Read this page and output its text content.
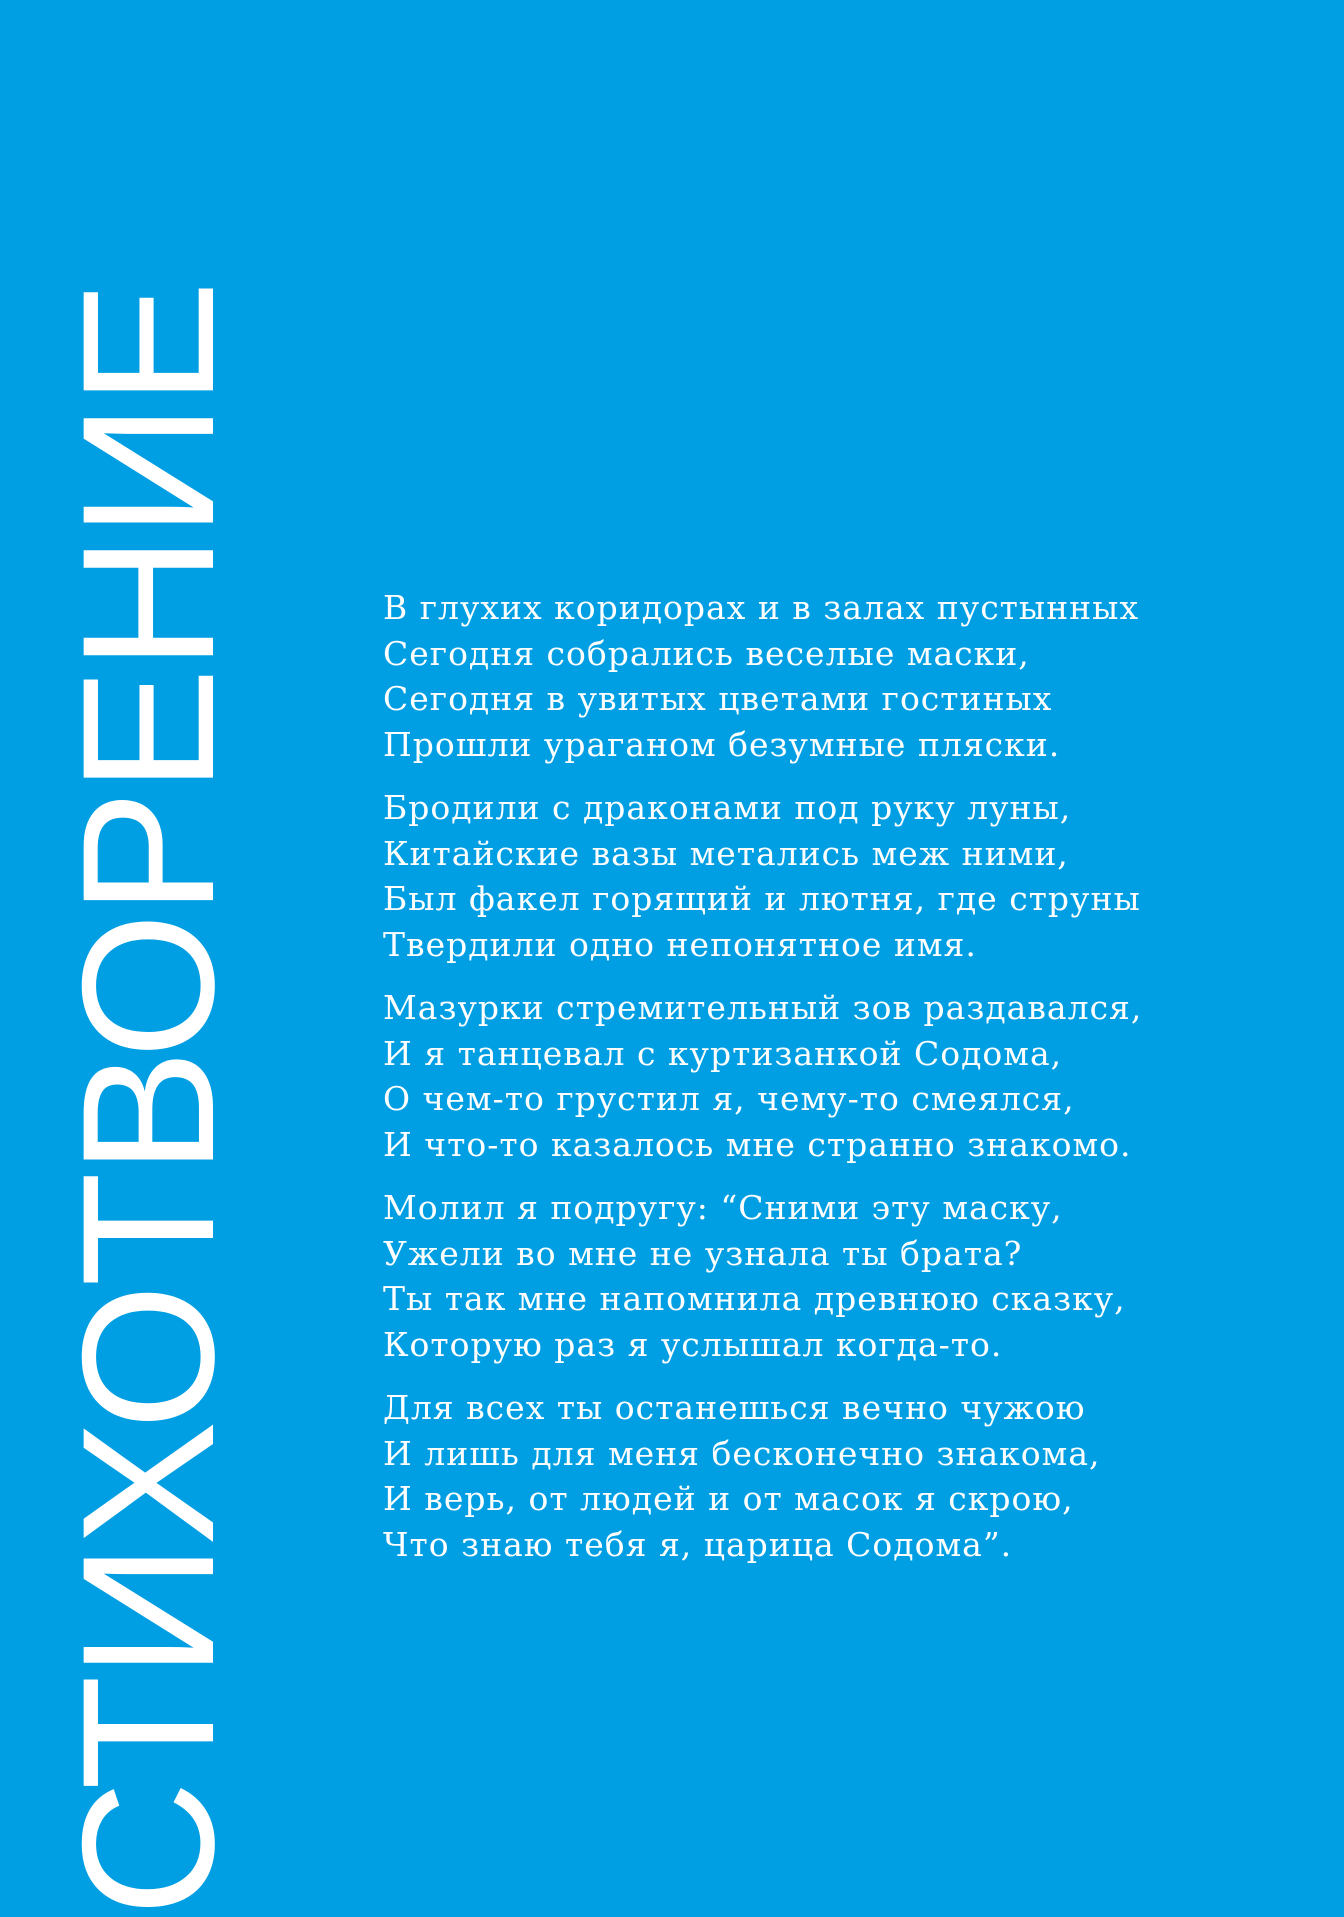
СТИХОТВОРЕНИЕ	В глухих коридорах и в залах пустынных
Сегодня собрались веселые маски,
Сегодня в увитых цветами гостиных
Прошли ураганом безумные пляски.
Бродили с драконами под руку луны,
Китайские вазы метались меж ними,
Был факел горящий и лютня, где струны
Твердили одно непонятное имя.
Мазурки стремительный зов раздавался,
И я танцевал с куртизанкой Содома,
О чем-то грустил я, чему-то смеялся,
И что-то казалось мне странно знакомо.
Молил я подругу: “Сними эту маску,
Ужели во мне не узнала ты брата?
Ты так мне напомнила древнюю сказку,
Которую раз я услышал когда-то.
Для всех ты останешься вечно чужою
И лишь для меня бесконечно знакома,
И верь, от людей и от масок я скрою,
Что знаю тебя я, царица Содома”.
